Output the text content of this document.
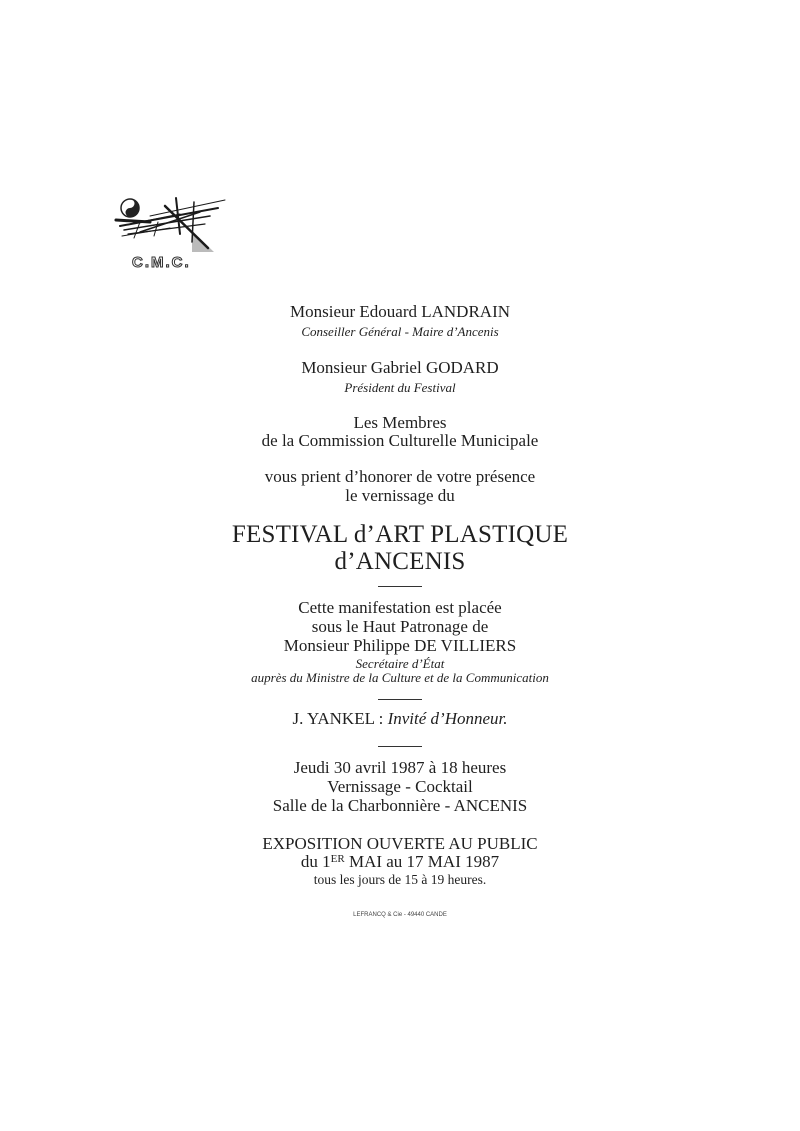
C.M.C.
Monsieur Edouard LANDRAIN
Conseiller Général - Maire d’Ancenis
Monsieur Gabriel GODARD
Président du Festival
Les Membres
de la Commission Culturelle Municipale
vous prient d’honorer de votre présence
le vernissage du
FESTIVAL d’ART PLASTIQUE
d’ANCENIS
Cette manifestation est placée
sous le Haut Patronage de
Monsieur Philippe DE VILLIERS
Secrétaire d’État
auprès du Ministre de la Culture et de la Communication
J. YANKEL : Invité d’Honneur.
Jeudi 30 avril 1987 à 18 heures
Vernissage - Cocktail
Salle de la Charbonnière - ANCENIS
EXPOSITION OUVERTE AU PUBLIC
du 1ER MAI au 17 MAI 1987
tous les jours de 15 à 19 heures.
LEFRANCQ & Cie - 49440 CANDE
